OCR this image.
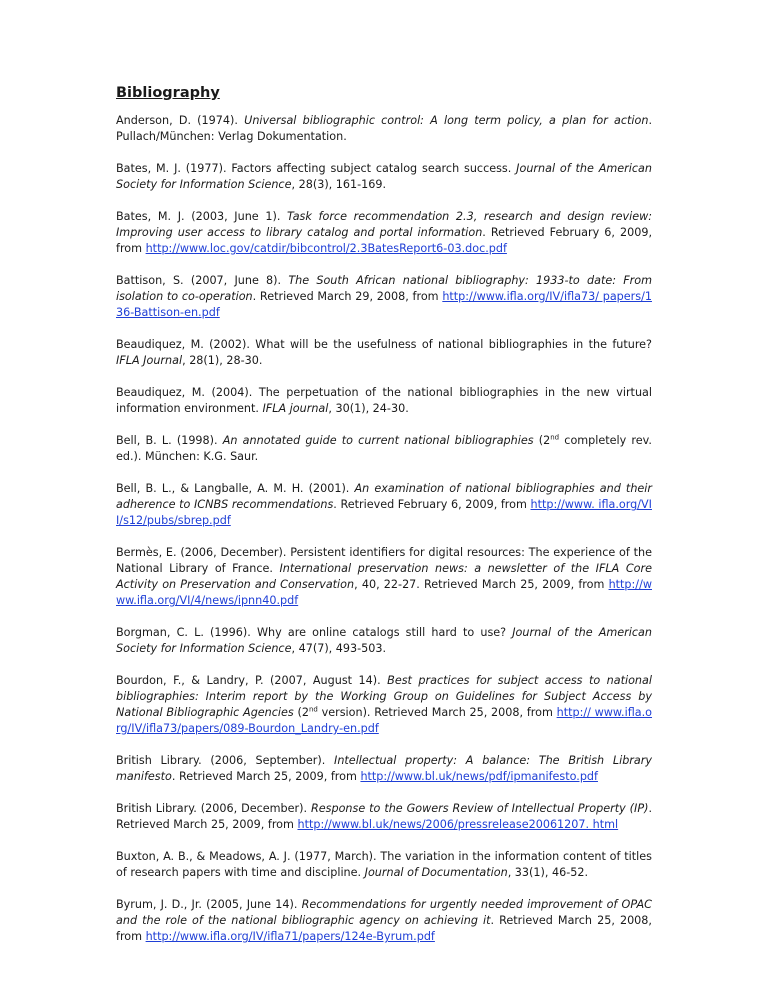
Bibliography

Anderson, D. (1974). Universal bibliographic control: A long term policy, a plan for action. Pullach/München: Verlag Dokumentation.

Bates, M. J. (1977). Factors affecting subject catalog search success. Journal of the American Society for Information Science, 28(3), 161-169.

Bates, M. J. (2003, June 1). Task force recommendation 2.3, research and design review: Improving user access to library catalog and portal information. Retrieved February 6, 2009, from http://www.loc.gov/catdir/bibcontrol/2.3BatesReport6-03.doc.pdf

Battison, S. (2007, June 8). The South African national bibliography: 1933-to date: From isolation to co-operation. Retrieved March 29, 2008, from http://www.ifla.org/IV/ifla73/ papers/136-Battison-en.pdf

Beaudiquez, M. (2002). What will be the usefulness of national bibliographies in the future? IFLA Journal, 28(1), 28-30.

Beaudiquez, M. (2004). The perpetuation of the national bibliographies in the new virtual information environment. IFLA journal, 30(1), 24-30.

Bell, B. L. (1998). An annotated guide to current national bibliographies (2nd completely rev. ed.). München: K.G. Saur.

Bell, B. L., & Langballe, A. M. H. (2001). An examination of national bibliographies and their adherence to ICNBS recommendations. Retrieved February 6, 2009, from http://www. ifla.org/VII/s12/pubs/sbrep.pdf

Bermès, E. (2006, December). Persistent identifiers for digital resources: The experience of the National Library of France. International preservation news: a newsletter of the IFLA Core Activity on Preservation and Conservation, 40, 22-27. Retrieved March 25, 2009, from http://www.ifla.org/VI/4/news/ipnn40.pdf

Borgman, C. L. (1996). Why are online catalogs still hard to use? Journal of the American Society for Information Science, 47(7), 493-503.

Bourdon, F., & Landry, P. (2007, August 14). Best practices for subject access to national bibliographies: Interim report by the Working Group on Guidelines for Subject Access by National Bibliographic Agencies (2nd version). Retrieved March 25, 2008, from http:// www.ifla.org/IV/ifla73/papers/089-Bourdon_Landry-en.pdf

British Library. (2006, September). Intellectual property: A balance: The British Library manifesto. Retrieved March 25, 2009, from http://www.bl.uk/news/pdf/ipmanifesto.pdf

British Library. (2006, December). Response to the Gowers Review of Intellectual Property (IP). Retrieved March 25, 2009, from http://www.bl.uk/news/2006/pressrelease20061207. html

Buxton, A. B., & Meadows, A. J. (1977, March). The variation in the information content of titles of research papers with time and discipline. Journal of Documentation, 33(1), 46-52.

Byrum, J. D., Jr. (2005, June 14). Recommendations for urgently needed improvement of OPAC and the role of the national bibliographic agency on achieving it. Retrieved March 25, 2008, from http://www.ifla.org/IV/ifla71/papers/124e-Byrum.pdf
